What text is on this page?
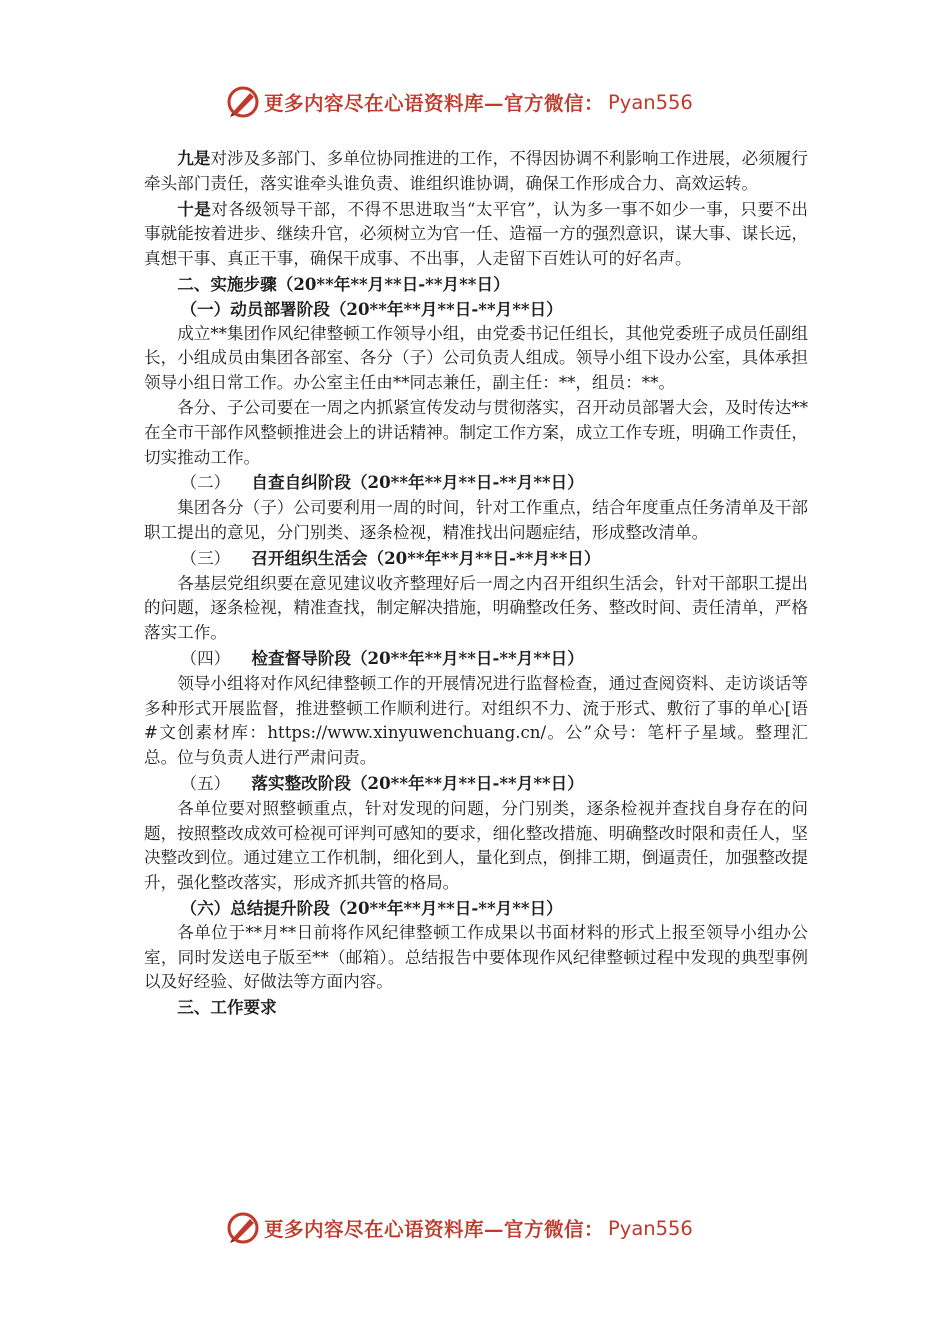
更多内容尽在心语资料库—官方微信： Pyan556

九是对涉及多部门、多单位协同推进的工作，不得因协调不利影响工作进展，必须履行牵头部门责任，落实谁牵头谁负责、谁组织谁协调，确保工作形成合力、高效运转。

十是对各级领导干部，不得不思进取当“太平官”，认为多一事不如少一事，只要不出事就能按着进步、继续升官，必须树立为官一任、造福一方的强烈意识，谋大事、谋长远，真想干事、真正干事，确保干成事、不出事，人走留下百姓认可的好名声。

二、实施步骤（20**年**月**日-**月**日）

（一）动员部署阶段（20**年**月**日-**月**日）

成立**集团作风纪律整顿工作领导小组，由党委书记任组长，其他党委班子成员任副组长，小组成员由集团各部室、各分（子）公司负责人组成。领导小组下设办公室，具体承担领导小组日常工作。办公室主任由**同志兼任，副主任：**，组员：**。

各分、子公司要在一周之内抓紧宣传发动与贯彻落实，召开动员部署大会，及时传达**在全市干部作风整顿推进会上的讲话精神。制定工作方案，成立工作专班，明确工作责任，切实推动工作。

（二） 自查自纠阶段（20**年**月**日-**月**日）

集团各分（子）公司要利用一周的时间，针对工作重点，结合年度重点任务清单及干部职工提出的意见，分门别类、逐条检视，精准找出问题症结，形成整改清单。

（三） 召开组织生活会（20**年**月**日-**月**日）

各基层党组织要在意见建议收齐整理好后一周之内召开组织生活会，针对干部职工提出的问题，逐条检视，精准查找，制定解决措施，明确整改任务、整改时间、责任清单，严格落实工作。

（四） 检查督导阶段（20**年**月**日-**月**日）

领导小组将对作风纪律整顿工作的开展情况进行监督检查，通过查阅资料、走访谈话等多种形式开展监督，推进整顿工作顺利进行。对组织不力、流于形式、敷衍了事的单心[语#文创素材库：https://www.xinyuwenchuang.cn/。公”众号：笔杆子星域。整理汇总。位与负责人进行严肃问责。

（五） 落实整改阶段（20**年**月**日-**月**日）

各单位要对照整顿重点，针对发现的问题，分门别类，逐条检视并查找自身存在的问题，按照整改成效可检视可评判可感知的要求，细化整改措施、明确整改时限和责任人，坚决整改到位。通过建立工作机制，细化到人，量化到点，倒排工期，倒逼责任，加强整改提升，强化整改落实，形成齐抓共管的格局。

（六）总结提升阶段（20**年**月**日-**月**日）

各单位于**月**日前将作风纪律整顿工作成果以书面材料的形式上报至领导小组办公室，同时发送电子版至**（邮箱）。总结报告中要体现作风纪律整顿过程中发现的典型事例以及好经验、好做法等方面内容。

三、工作要求

更多内容尽在心语资料库—官方微信： Pyan556
